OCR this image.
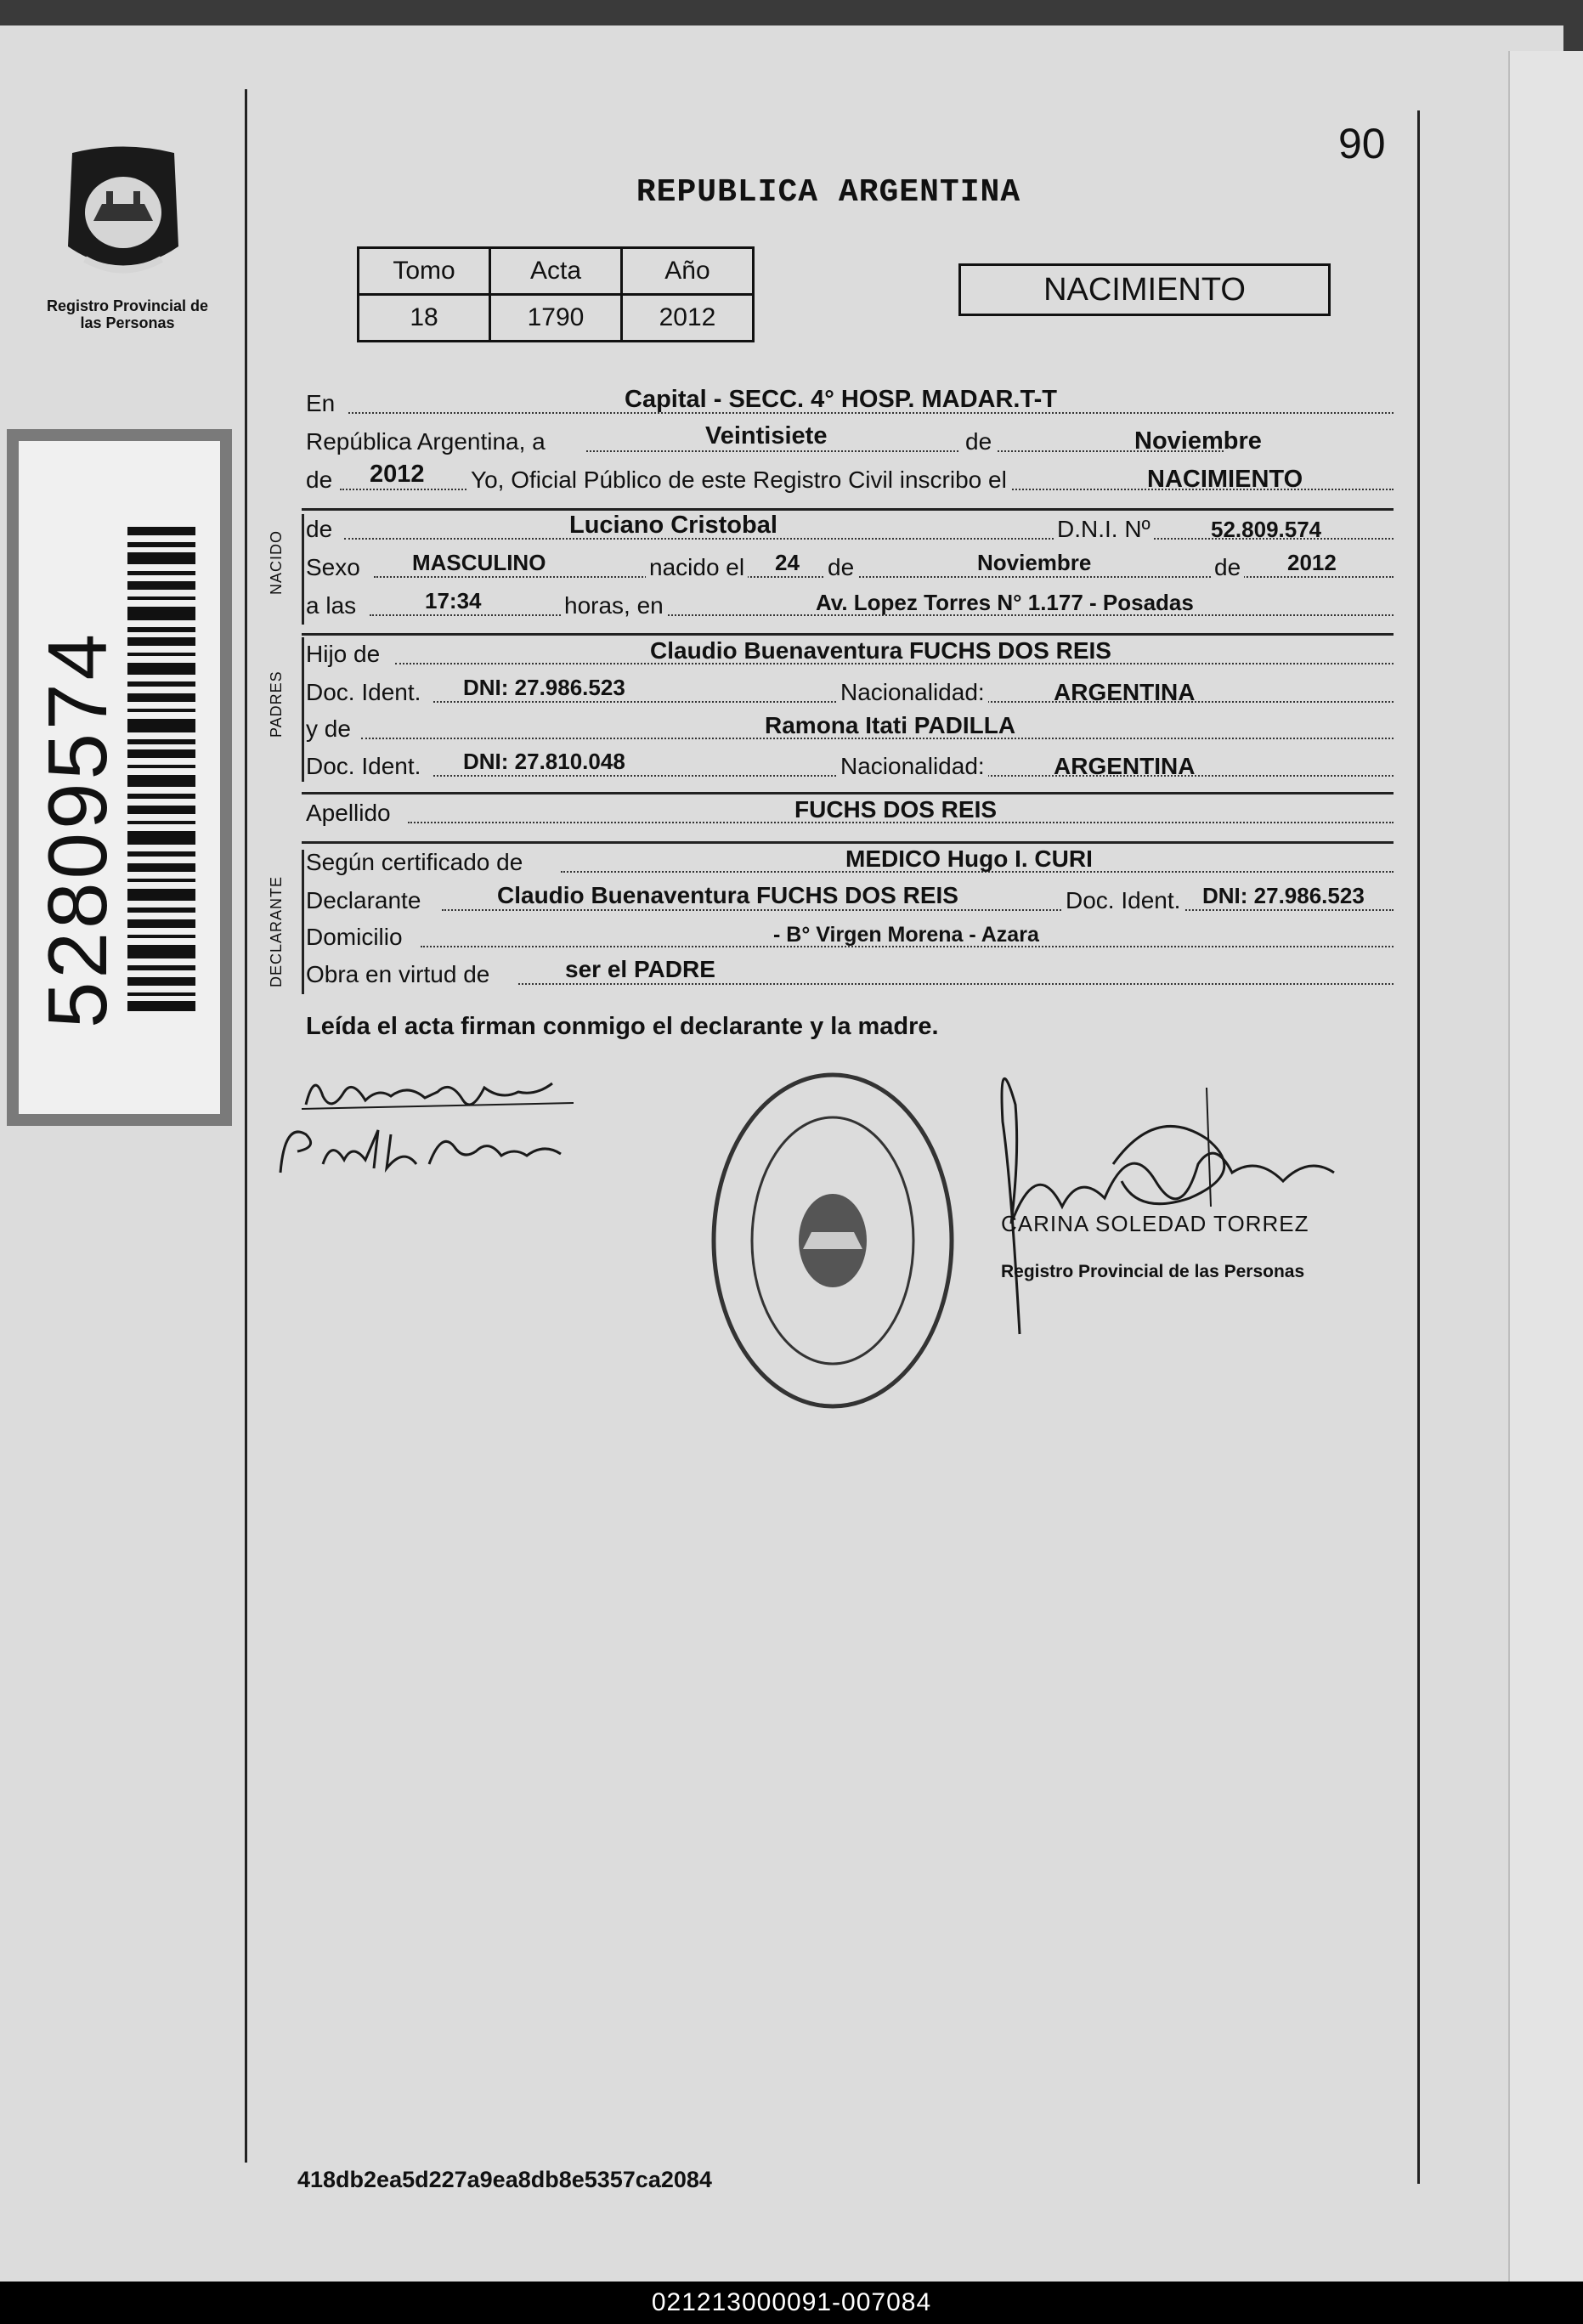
90
Registro Provincial de las Personas
REPUBLICA ARGENTINA
Tomo	Acta	Año
18	1790	2012
NACIMIENTO
52809574
NACIDO
PADRES
DECLARANTE
En	Capital - SECC. 4° HOSP. MADAR.T-T
República Argentina, a	Veintisiete	de	Noviembre
de 2012 Yo, Oficial Público de este Registro Civil inscribo el	NACIMIENTO
de	Luciano Cristobal	D.N.I. Nº	52.809.574
Sexo MASCULINO	nacido el 24 de	Noviembre	de 2012
a las	17:34	horas, en	Av. Lopez Torres N° 1.177 - Posadas
Hijo de	Claudio Buenaventura FUCHS DOS REIS
Doc. Ident. DNI: 27.986.523	Nacionalidad:	ARGENTINA
y de	Ramona Itati PADILLA
Doc. Ident. DNI: 27.810.048	Nacionalidad:	ARGENTINA
Apellido	FUCHS DOS REIS
Según certificado de	MEDICO Hugo I. CURI
Declarante	Claudio Buenaventura FUCHS DOS REIS	Doc. Ident. DNI: 27.986.523
Domicilio	- B° Virgen Morena - Azara
Obra en virtud de	ser el PADRE
Leída el acta firman conmigo el declarante y la madre.
CARINA SOLEDAD TORREZ
Registro Provincial de las Personas
418db2ea5d227a9ea8db8e5357ca2084
021213000091-007084
